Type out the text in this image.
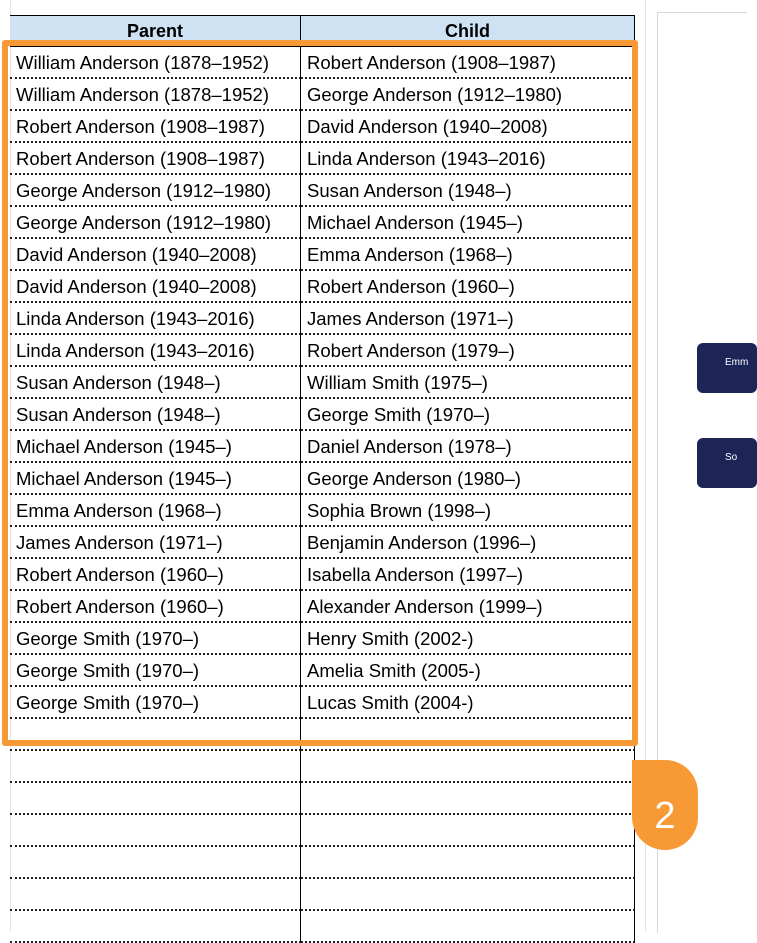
Emm
So
Parent	Child
William Anderson (1878–1952)	Robert Anderson (1908–1987)
William Anderson (1878–1952)	George Anderson (1912–1980)
Robert Anderson (1908–1987)	David Anderson (1940–2008)
Robert Anderson (1908–1987)	Linda Anderson (1943–2016)
George Anderson (1912–1980)	Susan Anderson (1948–)
George Anderson (1912–1980)	Michael Anderson (1945–)
David Anderson (1940–2008)	Emma Anderson (1968–)
David Anderson (1940–2008)	Robert Anderson (1960–)
Linda Anderson (1943–2016)	James Anderson (1971–)
Linda Anderson (1943–2016)	Robert Anderson (1979–)
Susan Anderson (1948–)	William Smith (1975–)
Susan Anderson (1948–)	George Smith (1970–)
Michael Anderson (1945–)	Daniel Anderson (1978–)
Michael Anderson (1945–)	George Anderson (1980–)
Emma Anderson (1968–)	Sophia Brown (1998–)
James Anderson (1971–)	Benjamin Anderson (1996–)
Robert Anderson (1960–)	Isabella Anderson (1997–)
Robert Anderson (1960–)	Alexander Anderson (1999–)
George Smith (1970–)	Henry Smith (2002-)
George Smith (1970–)	Amelia Smith (2005-)
George Smith (1970–)	Lucas Smith (2004-)
2
